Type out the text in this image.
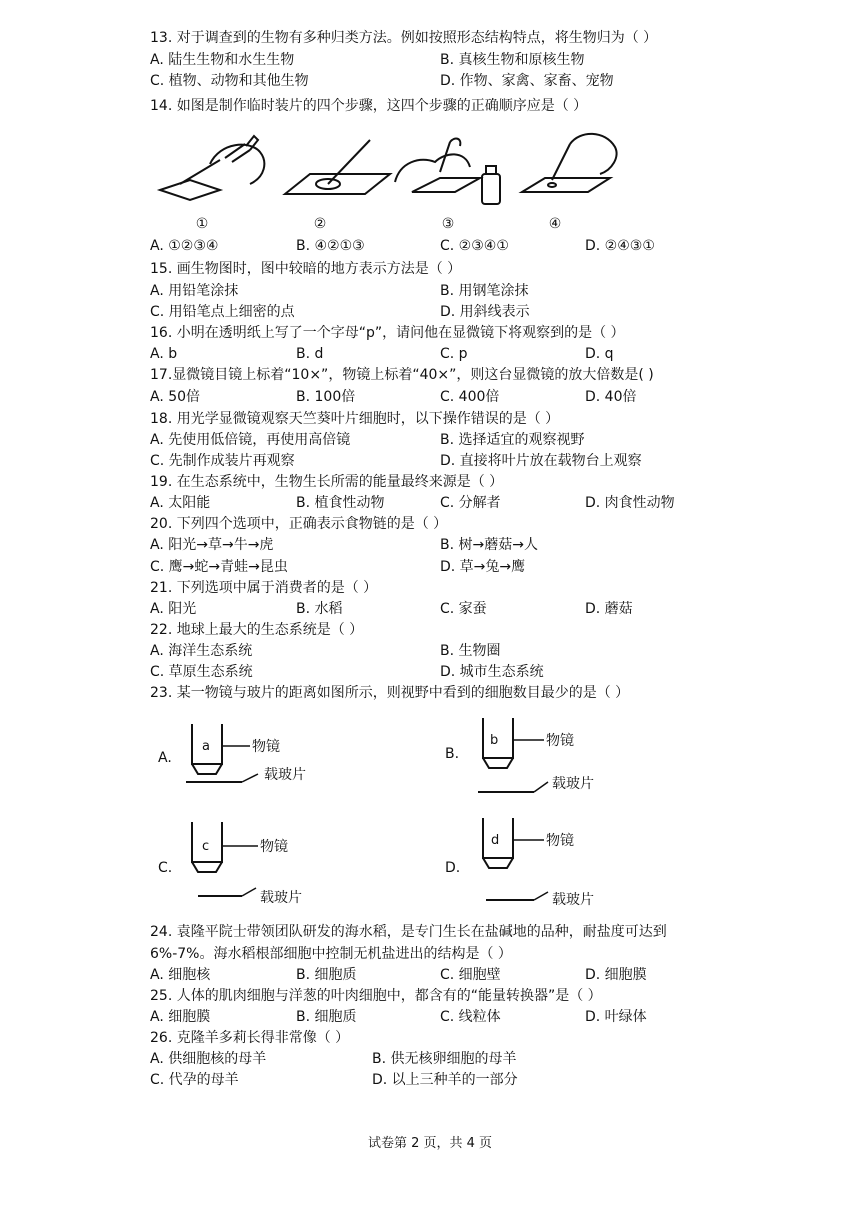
13. 对于调查到的生物有多种归类方法。例如按照形态结构特点，将生物归为（ ）
A. 陆生生物和水生生物	B. 真核生物和原核生物
C. 植物、动物和其他生物	D. 作物、家禽、家畜、宠物
14. 如图是制作临时装片的四个步骤，这四个步骤的正确顺序应是（ ）
①	②	③	④
A. ①②③④	B. ④②①③	C. ②③④①	D. ②④③①
15. 画生物图时，图中较暗的地方表示方法是（ ）
A. 用铅笔涂抹	B. 用钢笔涂抹
C. 用铅笔点上细密的点	D. 用斜线表示
16. 小明在透明纸上写了一个字母“p”，请问他在显微镜下将观察到的是（ ）
A. b	B. d	C. p	D. q
17.显微镜目镜上标着“10×”，物镜上标着“40×”，则这台显微镜的放大倍数是( )
A. 50倍	B. 100倍	C. 400倍	D. 40倍
18. 用光学显微镜观察天竺葵叶片细胞时，以下操作错误的是（ ）
A. 先使用低倍镜，再使用高倍镜	B. 选择适宜的观察视野
C. 先制作成装片再观察	D. 直接将叶片放在载物台上观察
19. 在生态系统中，生物生长所需的能量最终来源是（ ）
A. 太阳能	B. 植食性动物	C. 分解者	D. 肉食性动物
20. 下列四个选项中，正确表示食物链的是（ ）
A. 阳光→草→牛→虎	B. 树→蘑菇→人
C. 鹰→蛇→青蛙→昆虫	D. 草→兔→鹰
21. 下列选项中属于消费者的是（ ）
A. 阳光	B. 水稻	C. 家蚕	D. 蘑菇
22. 地球上最大的生态系统是（ ）
A. 海洋生态系统	B. 生物圈
C. 草原生态系统	D. 城市生态系统
23. 某一物镜与玻片的距离如图所示，则视野中看到的细胞数目最少的是（ ）
A.
a	物镜
载玻片
B.
b	物镜
载玻片
C.
c	物镜
载玻片
D.
d	物镜
载玻片
24. 袁隆平院士带领团队研发的海水稻，是专门生长在盐碱地的品种，耐盐度可达到
6%-7%。海水稻根部细胞中控制无机盐进出的结构是（ ）
A. 细胞核	B. 细胞质	C. 细胞壁	D. 细胞膜
25. 人体的肌肉细胞与洋葱的叶肉细胞中，都含有的“能量转换器”是（ ）
A. 细胞膜	B. 细胞质	C. 线粒体	D. 叶绿体
26. 克隆羊多莉长得非常像（ ）
A. 供细胞核的母羊	B. 供无核卵细胞的母羊
C. 代孕的母羊	D. 以上三种羊的一部分
试卷第 2 页，共 4 页
